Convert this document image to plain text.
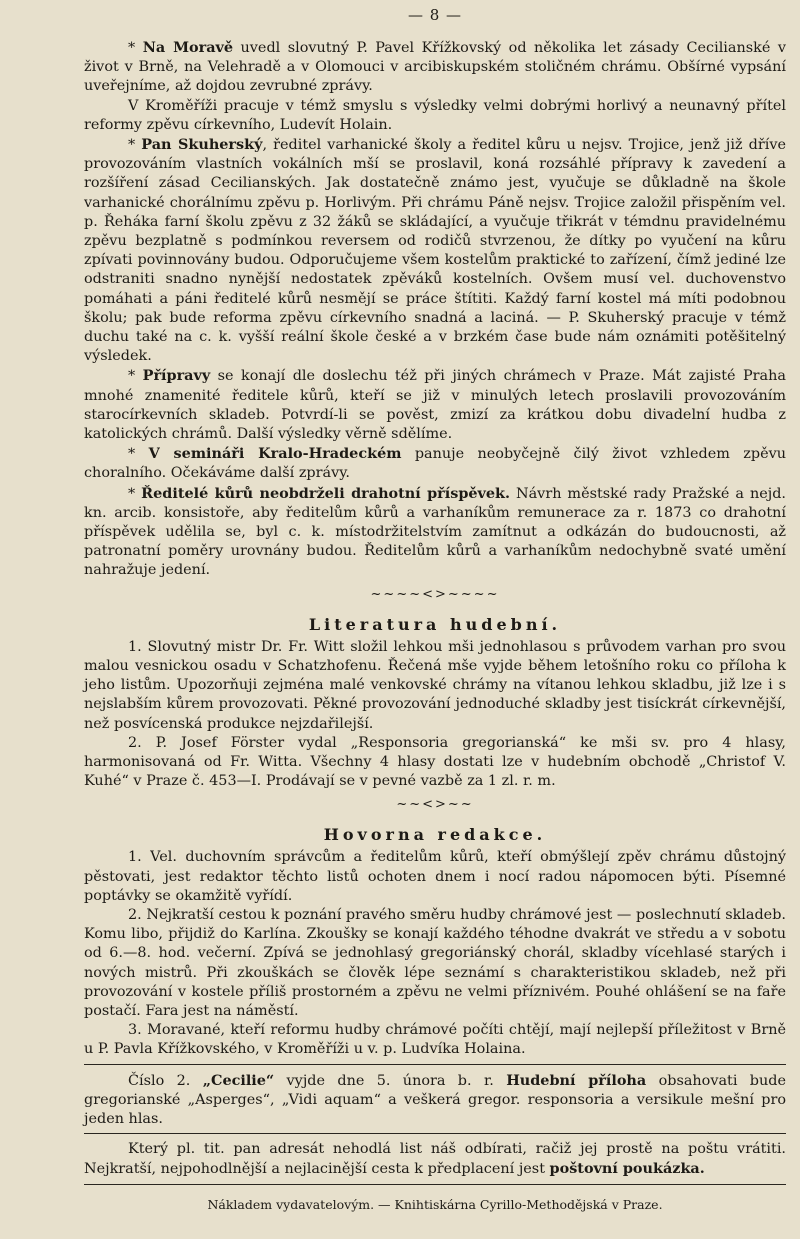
— 8 —

* Na Moravě uvedl slovutný P. Pavel Křížkovský od několika let zásady Cecilianské v život v Brně, na Velehradě a v Olomouci v arcibiskupském stoličném chrámu. Obšírné vypsání uveřejníme, až dojdou zevrubné zprávy.

V Kroměříži pracuje v témž smyslu s výsledky velmi dobrými horlivý a neunavný přítel reformy zpěvu církevního, Ludevít Holain.

* Pan Skuherský, ředitel varhanické školy a ředitel kůru u nejsv. Trojice, jenž již dříve provozováním vlastních vokálních mší se proslavil, koná rozsáhlé přípravy k zavedení a rozšíření zásad Cecilianských. Jak dostatečně známo jest, vyučuje se důkladně na škole varhanické chorálnímu zpěvu p. Horlivým. Při chrámu Páně nejsv. Trojice založil přispěním vel. p. Řeháka farní školu zpěvu z 32 žáků se skládající, a vyučuje třikrát v témdnu pravidelnému zpěvu bezplatně s podmínkou reversem od rodičů stvrzenou, že dítky po vyučení na kůru zpívati povinnovány budou. Odporučujeme všem kostelům praktické to zařízení, čímž jediné lze odstraniti snadno nynější nedostatek zpěváků kostelních. Ovšem musí vel. duchovenstvo pomáhati a páni ředitelé kůrů nesmějí se práce štítiti. Každý farní kostel má míti podobnou školu; pak bude reforma zpěvu církevního snadná a laciná. — P. Skuherský pracuje v témž duchu také na c. k. vyšší reální škole české a v brzkém čase bude nám oznámiti potěšitelný výsledek.

* Přípravy se konají dle doslechu též při jiných chrámech v Praze. Mát zajisté Praha mnohé znamenité ředitele kůrů, kteří se již v minulých letech proslavili provozováním starocírkevních skladeb. Potvrdí-li se pověst, zmizí za krátkou dobu divadelní hudba z katolických chrámů. Další výsledky věrně sdělíme.

* V semináři Kralo-Hradeckém panuje neobyčejně čilý život vzhledem zpěvu choralního. Očekáváme další zprávy.

* Ředitelé kůrů neobdrželi drahotní příspěvek. Návrh městské rady Pražské a nejd. kn. arcib. konsistoře, aby ředitelům kůrů a varhaníkům remunerace za r. 1873 co drahotní příspěvek udělila se, byl c. k. místodržitelstvím zamítnut a odkázán do budoucnosti, až patronatní poměry urovnány budou. Ředitelům kůrů a varhaníkům nedochybně svaté umění nahražuje jedení.

~~~~<>~~~~
Literatura hudební.

1. Slovutný mistr Dr. Fr. Witt složil lehkou mši jednohlasou s průvodem varhan pro svou malou vesnickou osadu v Schatzhofenu. Řečená mše vyjde během letošního roku co příloha k jeho listům. Upozorňuji zejména malé venkovské chrámy na vítanou lehkou skladbu, již lze i s nejslabším kůrem provozovati. Pěkné provozování jednoduché skladby jest tisíckrát církevnější, než posvícenská produkce nejzdařilejší.

2. P. Josef Förster vydal „Responsoria gregorianská“ ke mši sv. pro 4 hlasy, harmonisovaná od Fr. Witta. Všechny 4 hlasy dostati lze v hudebním obchodě „Christof V. Kuhé“ v Praze č. 453—I. Prodávají se v pevné vazbě za 1 zl. r. m.

~~<>~~
Hovorna redakce.

1. Vel. duchovním správcům a ředitelům kůrů, kteří obmýšlejí zpěv chrámu důstojný pěstovati, jest redaktor těchto listů ochoten dnem i nocí radou nápomocen býti. Písemné poptávky se okamžitě vyřídí.

2. Nejkratší cestou k poznání pravého směru hudby chrámové jest — poslechnutí skladeb. Komu libo, přijdiž do Karlína. Zkoušky se konají každého téhodne dvakrát ve středu a v sobotu od 6.—8. hod. večerní. Zpívá se jednohlasý gregoriánský chorál, skladby vícehlasé starých i nových mistrů. Při zkouškách se člověk lépe seznámí s charakteristikou skladeb, než při provozování v kostele příliš prostorném a zpěvu ne velmi příznivém. Pouhé ohlášení se na faře postačí. Fara jest na náměstí.

3. Moravané, kteří reformu hudby chrámové počíti chtějí, mají nejlepší příležitost v Brně u P. Pavla Křížkovského, v Kroměříži u v. p. Ludvíka Holaina.

Číslo 2. „Cecilie“ vyjde dne 5. února b. r. Hudební příloha obsahovati bude gregorianské „Asperges“, „Vidi aquam“ a veškerá gregor. responsoria a versikule mešní pro jeden hlas.

Který pl. tit. pan adresát nehodlá list náš odbírati, račiž jej prostě na poštu vrátiti. Nejkratší, nejpohodlnější a nejlacinější cesta k předplacení jest poštovní poukázka.

Nákladem vydavatelovým. — Knihtiskárna Cyrillo-Methodějská v Praze.
